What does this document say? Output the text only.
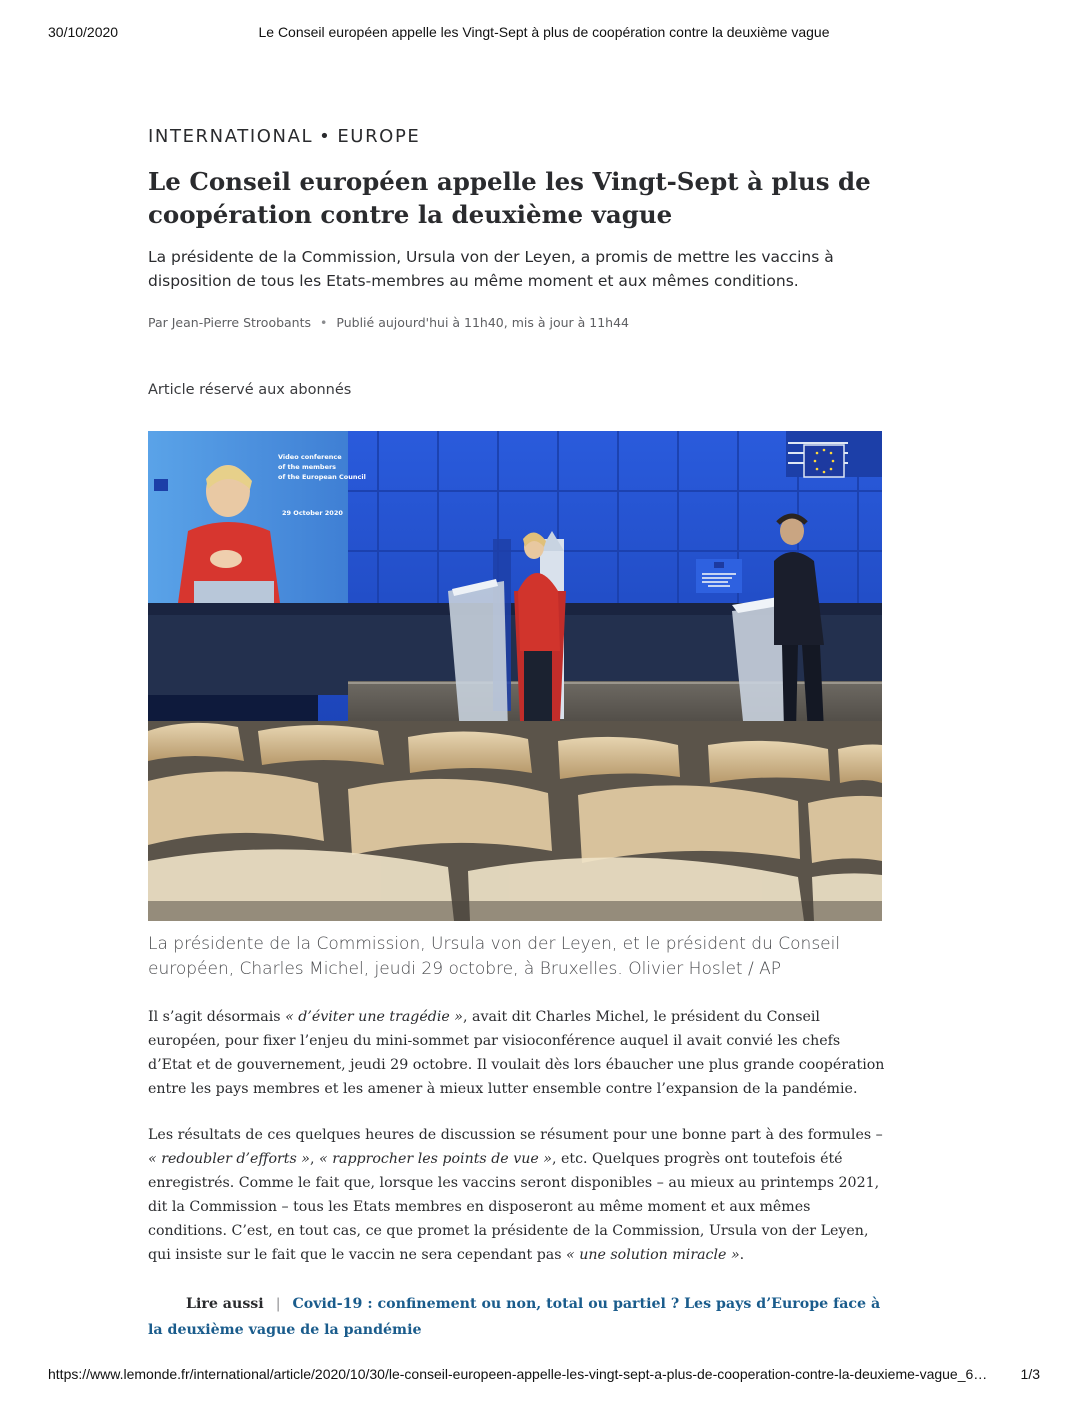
30/10/2020	Le Conseil européen appelle les Vingt-Sept à plus de coopération contre la deuxième vague
INTERNATIONAL • EUROPE
Le Conseil européen appelle les Vingt-Sept à plus de coopération contre la deuxième vague

La présidente de la Commission, Ursula von der Leyen, a promis de mettre les vaccins à disposition de tous les Etats-membres au même moment et aux mêmes conditions.

Par Jean-Pierre Stroobants • Publié aujourd'hui à 11h40, mis à jour à 11h44
Article réservé aux abonnés
Video conference
of the members
of the European Council
29 October 2020
La présidente de la Commission, Ursula von der Leyen, et le président du Conseil européen, Charles Michel, jeudi 29 octobre, à Bruxelles. Olivier Hoslet / AP

Il s’agit désormais « d’éviter une tragédie », avait dit Charles Michel, le président du Conseil européen, pour fixer l’enjeu du mini-sommet par visioconférence auquel il avait convié les chefs d’Etat et de gouvernement, jeudi 29 octobre. Il voulait dès lors ébaucher une plus grande coopération entre les pays membres et les amener à mieux lutter ensemble contre l’expansion de la pandémie.

Les résultats de ces quelques heures de discussion se résument pour une bonne part à des formules – « redoubler d’efforts », « rapprocher les points de vue », etc. Quelques progrès ont toutefois été enregistrés. Comme le fait que, lorsque les vaccins seront disponibles – au mieux au printemps 2021, dit la Commission – tous les Etats membres en disposeront au même moment et aux mêmes conditions. C’est, en tout cas, ce que promet la présidente de la Commission, Ursula von der Leyen, qui insiste sur le fait que le vaccin ne sera cependant pas « une solution miracle ».

Lire aussi | Covid-19 : confinement ou non, total ou partiel ? Les pays d’Europe face à la deuxième vague de la pandémie
https://www.lemonde.fr/international/article/2020/10/30/le-conseil-europeen-appelle-les-vingt-sept-a-plus-de-cooperation-contre-la-deuxieme-vague_6…	1/3
